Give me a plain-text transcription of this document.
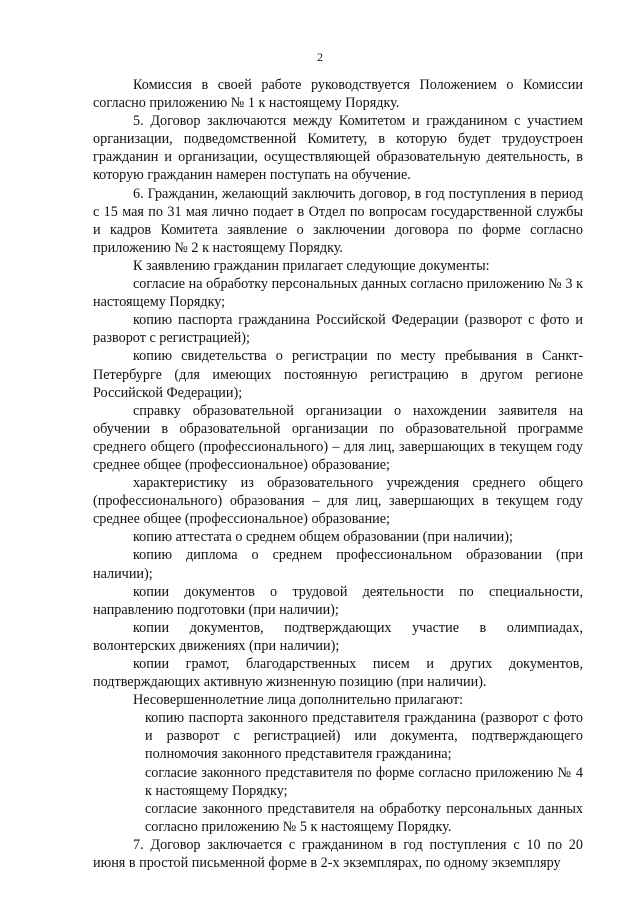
2

Комиссия в своей работе руководствуется Положением о Комиссии согласно приложению № 1 к настоящему Порядку.

5. Договор заключаются между Комитетом и гражданином с участием организации, подведомственной Комитету, в которую будет трудоустроен гражданин и организации, осуществляющей образовательную деятельность, в которую гражданин намерен поступать на обучение.

6. Гражданин, желающий заключить договор, в год поступления в период с 15 мая по 31 мая лично подает в Отдел по вопросам государственной службы и кадров Комитета заявление о заключении договора по форме согласно приложению № 2 к настоящему Порядку.

К заявлению гражданин прилагает следующие документы:

согласие на обработку персональных данных согласно приложению № 3 к настоящему Порядку;

копию паспорта гражданина Российской Федерации (разворот с фото и разворот с регистрацией);

копию свидетельства о регистрации по месту пребывания в Санкт-Петербурге (для имеющих постоянную регистрацию в другом регионе Российской Федерации);

справку образовательной организации о нахождении заявителя на обучении в образовательной организации по образовательной программе среднего общего (профессионального) – для лиц, завершающих в текущем году среднее общее (профессиональное) образование;

характеристику из образовательного учреждения среднего общего (профессионального) образования – для лиц, завершающих в текущем году среднее общее (профессиональное) образование;

копию аттестата о среднем общем образовании (при наличии);

копию диплома о среднем профессиональном образовании (при наличии);

копии документов о трудовой деятельности по специальности, направлению подготовки (при наличии);

копии документов, подтверждающих участие в олимпиадах, волонтерских движениях (при наличии);

копии грамот, благодарственных писем и других документов, подтверждающих активную жизненную позицию (при наличии).

Несовершеннолетние лица дополнительно прилагают:

копию паспорта законного представителя гражданина (разворот с фото и разворот с регистрацией) или документа, подтверждающего полномочия законного представителя гражданина;

согласие законного представителя по форме согласно приложению № 4 к настоящему Порядку;

согласие законного представителя на обработку персональных данных согласно приложению № 5 к настоящему Порядку.

7. Договор заключается с гражданином в год поступления с 10 по 20 июня в простой письменной форме в 2-х экземплярах, по одному экземпляру
